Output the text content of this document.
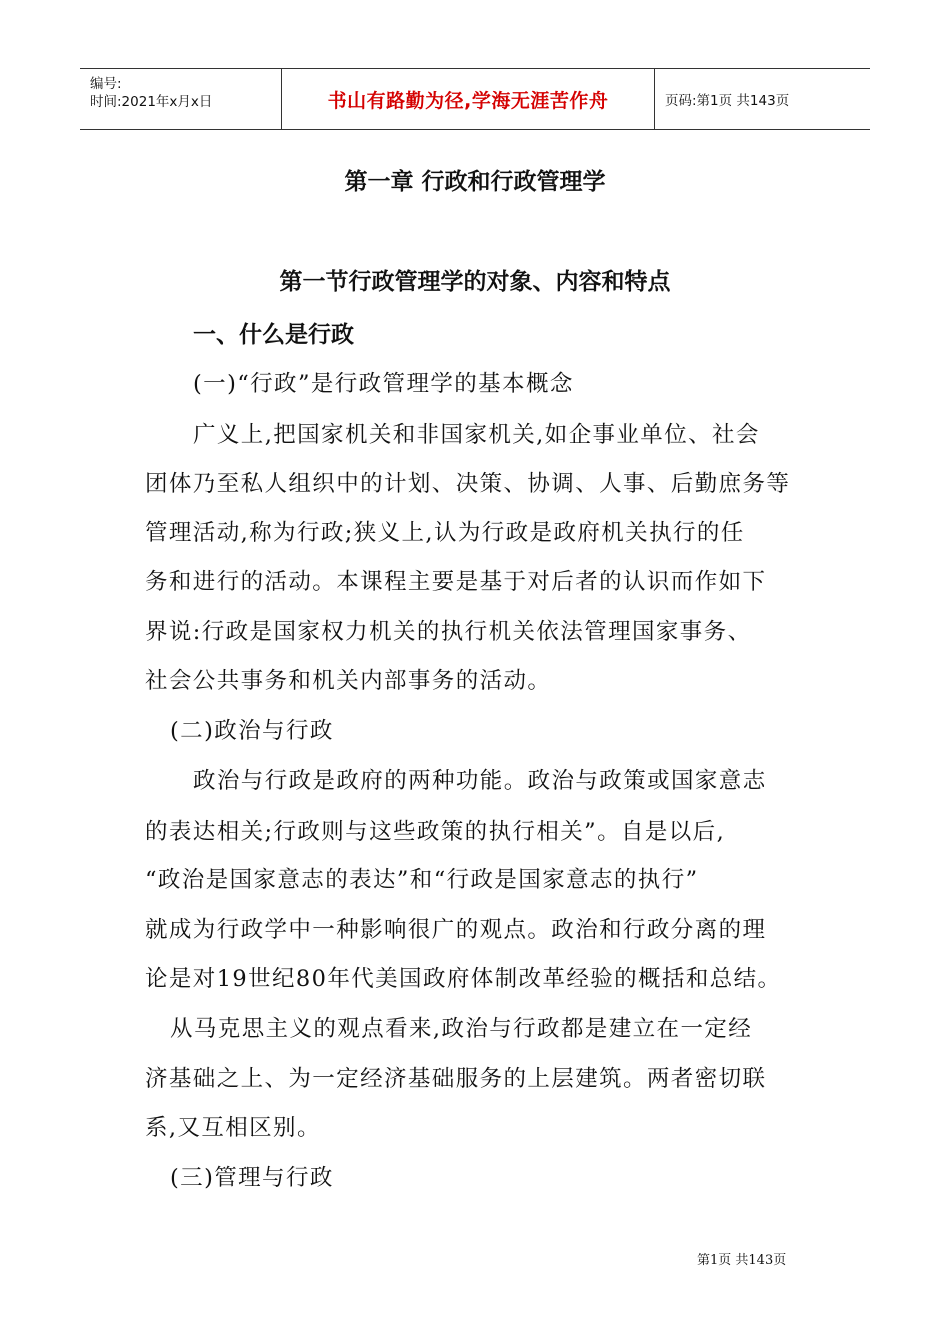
编号:
时间:2021年x月x日	书山有路勤为径,学海无涯苦作舟	页码:第1页 共143页
第一章 行政和行政管理学
第一节行政管理学的对象、内容和特点
一、什么是行政
(一)“行政”是行政管理学的基本概念
广义上,把国家机关和非国家机关,如企事业单位、社会
团体乃至私人组织中的计划、决策、协调、人事、后勤庶务等
管理活动,称为行政;狭义上,认为行政是政府机关执行的任
务和进行的活动。本课程主要是基于对后者的认识而作如下
界说:行政是国家权力机关的执行机关依法管理国家事务、
社会公共事务和机关内部事务的活动。
(二)政治与行政
政治与行政是政府的两种功能。政治与政策或国家意志
的表达相关;行政则与这些政策的执行相关”。自是以后,
“政治是国家意志的表达”和“行政是国家意志的执行”
就成为行政学中一种影响很广的观点。政治和行政分离的理
论是对19世纪80年代美国政府体制改革经验的概括和总结。
从马克思主义的观点看来,政治与行政都是建立在一定经
济基础之上、为一定经济基础服务的上层建筑。两者密切联
系,又互相区别。
(三)管理与行政
第1页 共143页
